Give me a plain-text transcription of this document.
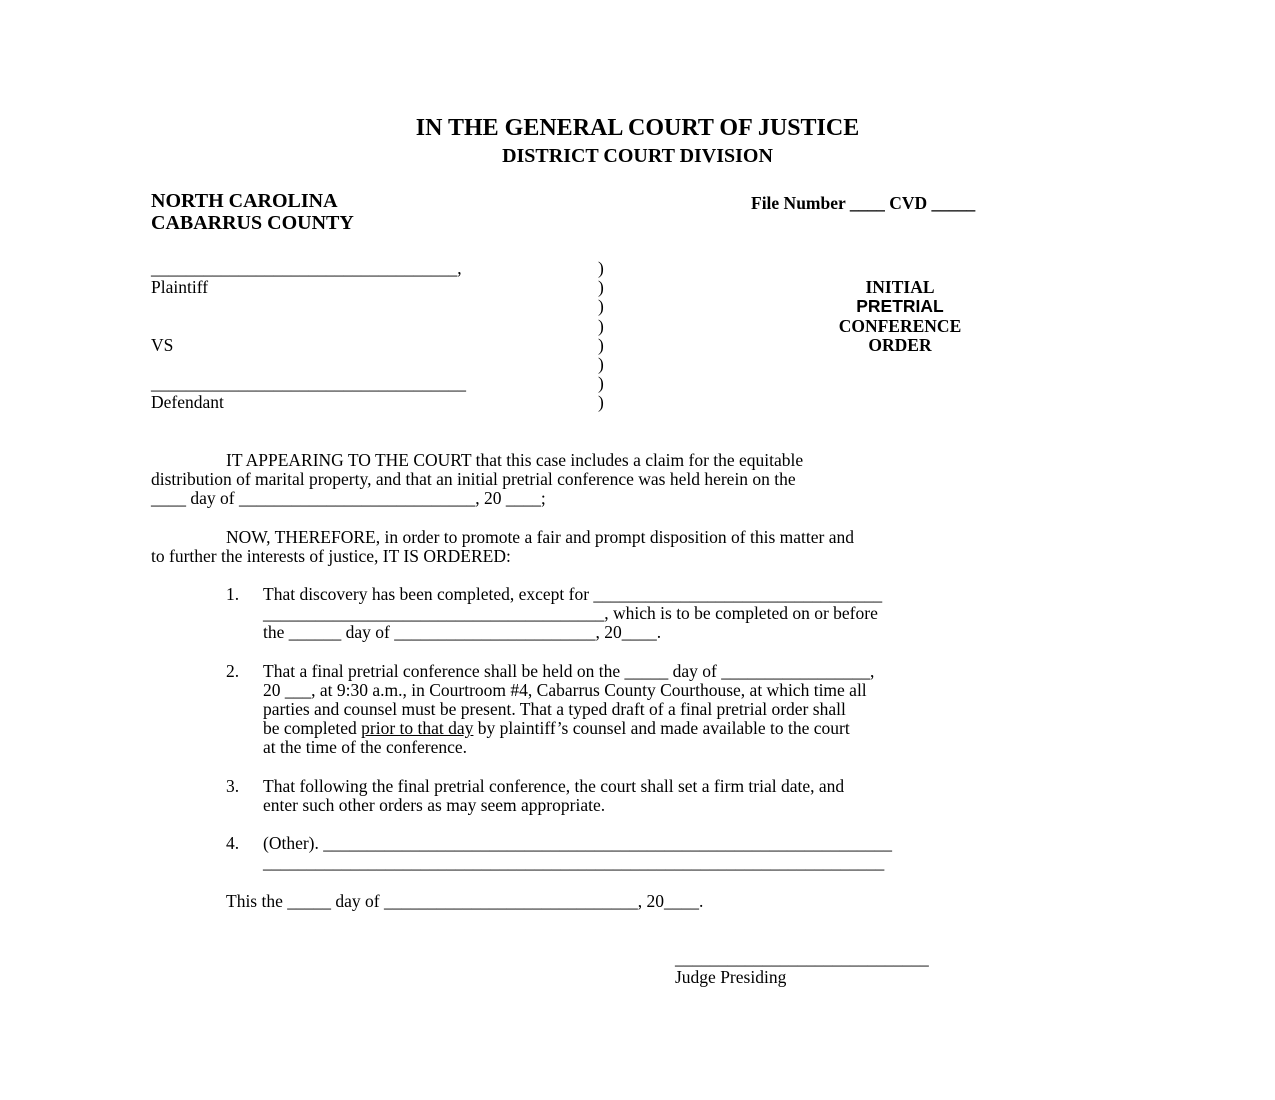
IN THE GENERAL COURT OF JUSTICE
DISTRICT COURT DIVISION
NORTH CAROLINA
CABARRUS COUNTY
File Number ____ CVD _____
___________________________________,
Plaintiff
VS
____________________________________
Defendant
)
)
)
)
)
)
)
)
INITIAL
PRETRIAL
CONFERENCE
ORDER
IT APPEARING TO THE COURT that this case includes a claim for the equitable
distribution of marital property, and that an initial pretrial conference was held herein on the
____ day of ___________________________, 20 ____;
NOW, THEREFORE, in order to promote a fair and prompt disposition of this matter and
to further the interests of justice, IT IS ORDERED:
1. That discovery has been completed, except for _________________________________
_______________________________________, which is to be completed on or before
the ______ day of _______________________, 20____.
2. That a final pretrial conference shall be held on the _____ day of _________________,
20 ___, at 9:30 a.m., in Courtroom #4, Cabarrus County Courthouse, at which time all
parties and counsel must be present. That a typed draft of a final pretrial order shall
be completed prior to that day by plaintiff’s counsel and made available to the court
at the time of the conference.
3. That following the final pretrial conference, the court shall set a firm trial date, and
enter such other orders as may seem appropriate.
4. (Other). _________________________________________________________________
_______________________________________________________________________
This the _____ day of _____________________________, 20____.
_____________________________
Judge Presiding
